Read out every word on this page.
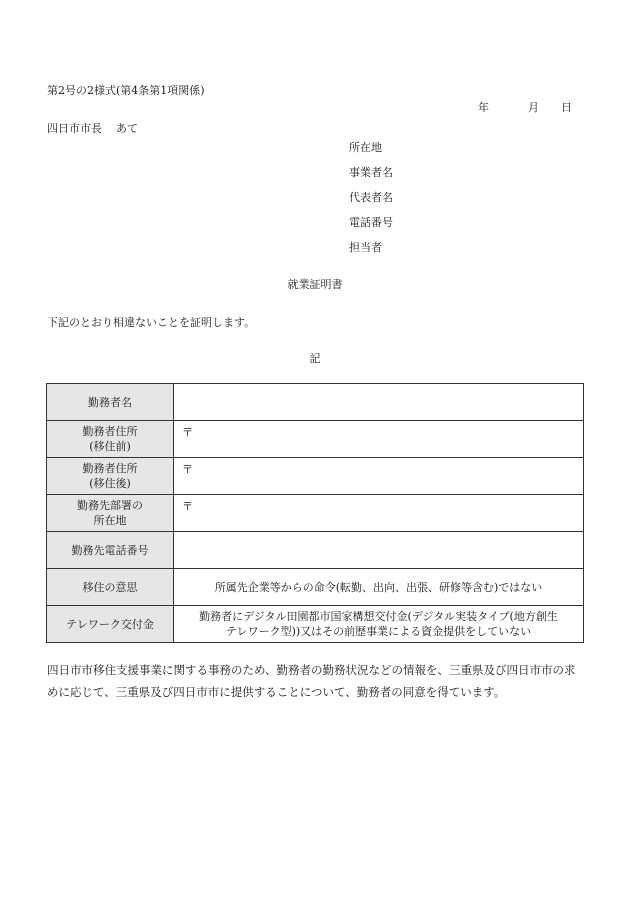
第2号の2様式(第4条第1項関係)
年	月 日
四日市市長 あて
所在地
事業者名
代表者名
電話番号
担当者
就業証明書
下記のとおり相違ないことを証明します。
記
勤務者名	

勤務者住所
(移住前)	〒

勤務者住所
(移住後)	〒

勤務先部署の
所在地	〒

勤務先電話番号	
移住の意思	所属先企業等からの命令(転勤、出向、出張、研修等含む)ではない

テレワーク交付金	勤務者にデジタル田園都市国家構想交付金(デジタル実装タイプ(地方創生
テレワーク型))又はその前歴事業による資金提供をしていない
四日市市移住支援事業に関する事務のため、勤務者の勤務状況などの情報を、三重県及び四日市市の求めに応じて、三重県及び四日市市に提供することについて、勤務者の同意を得ています。
